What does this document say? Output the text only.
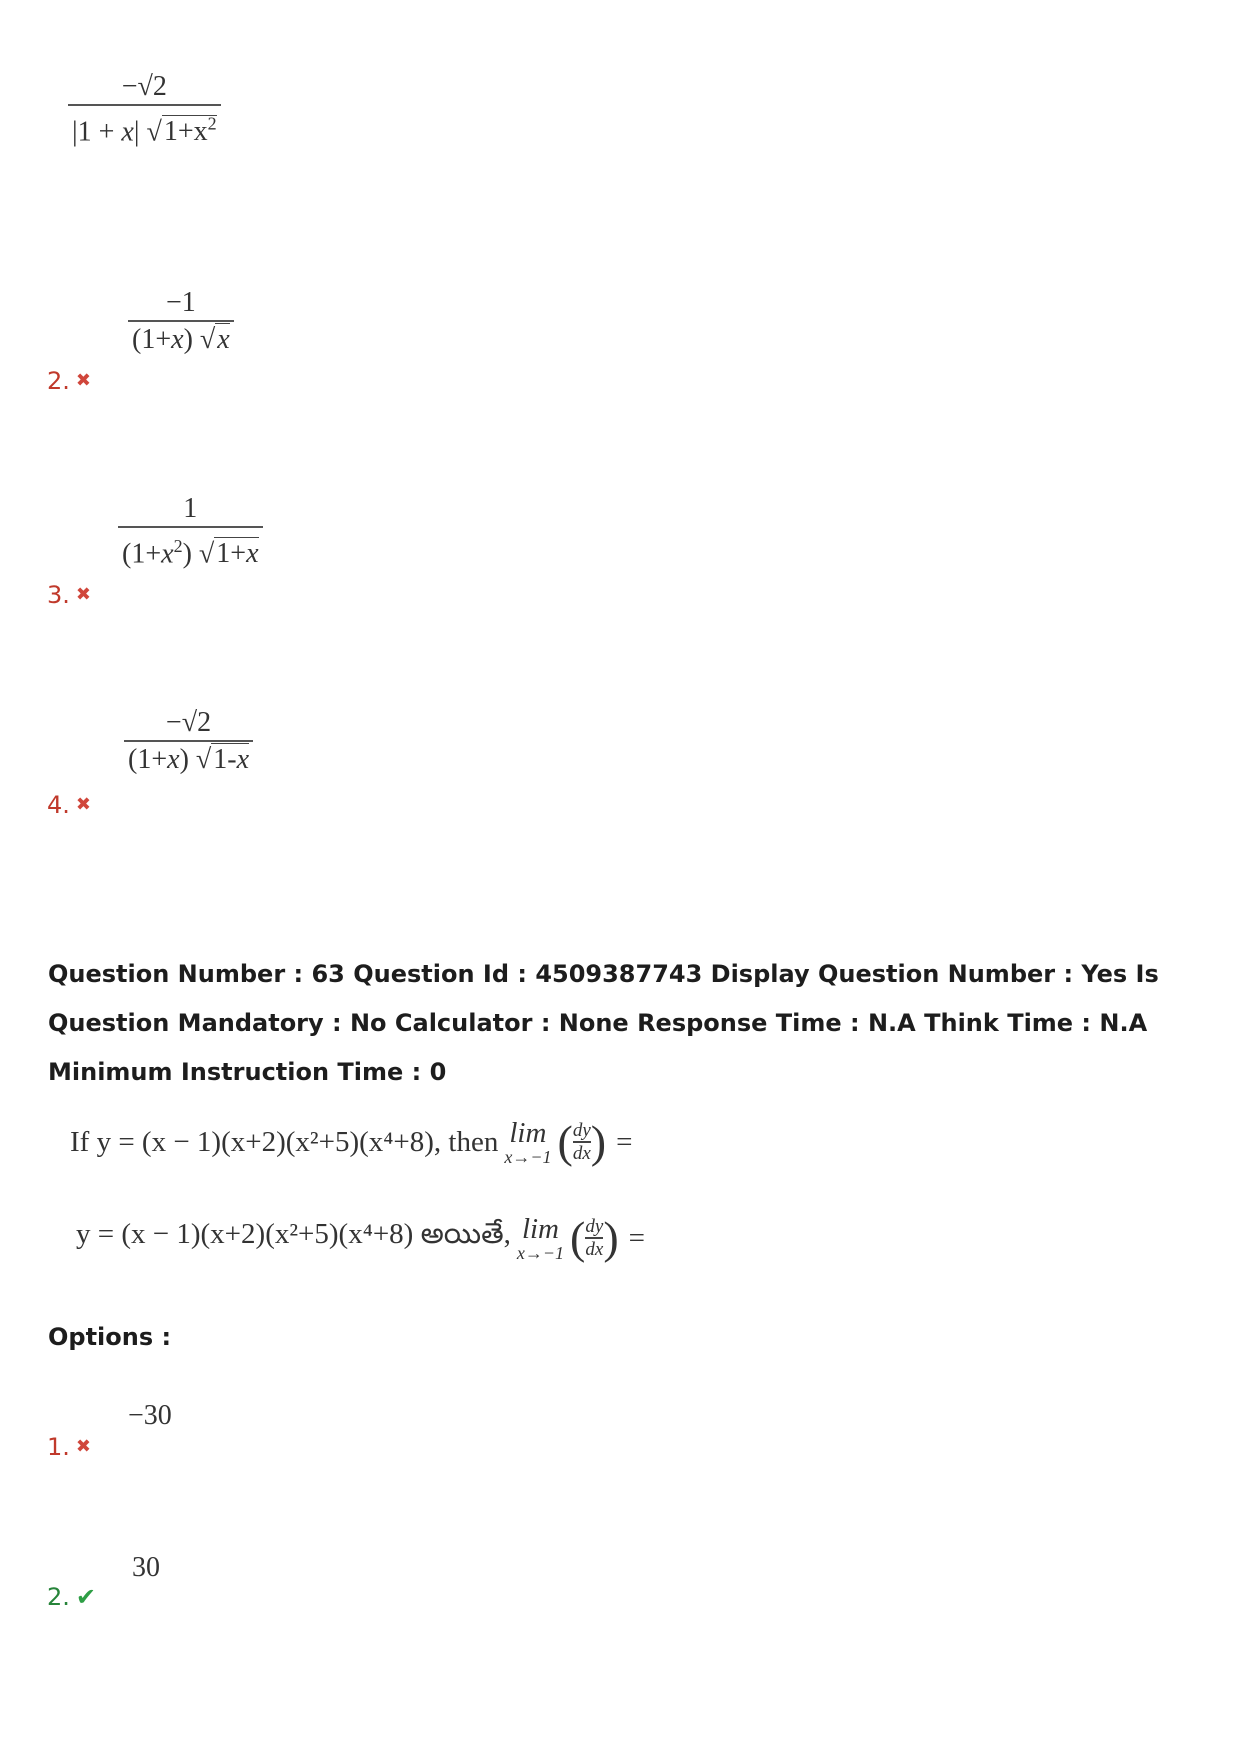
−√2
|1 + x| $√1+x^2$
−1
(1+x) √x
2. ✖
1
$(1+x^2)$ √1+x
3. ✖
−√2
(1+x) √1-x
4. ✖
Question Number : 63 Question Id : 4509387743 Display Question Number : Yes Is Question Mandatory : No Calculator : None Response Time : N.A Think Time : N.A Minimum Instruction Time : 0
If y = (x − 1)(x+2)(x²+5)(x⁴+8), then lim
x→−1 ( dy
dx ) =
y = (x − 1)(x+2)(x²+5)(x⁴+8) అయితే, lim
x→−1 ( dy
dx ) =
Options :
−30
1. ✖
30
2. ✔
